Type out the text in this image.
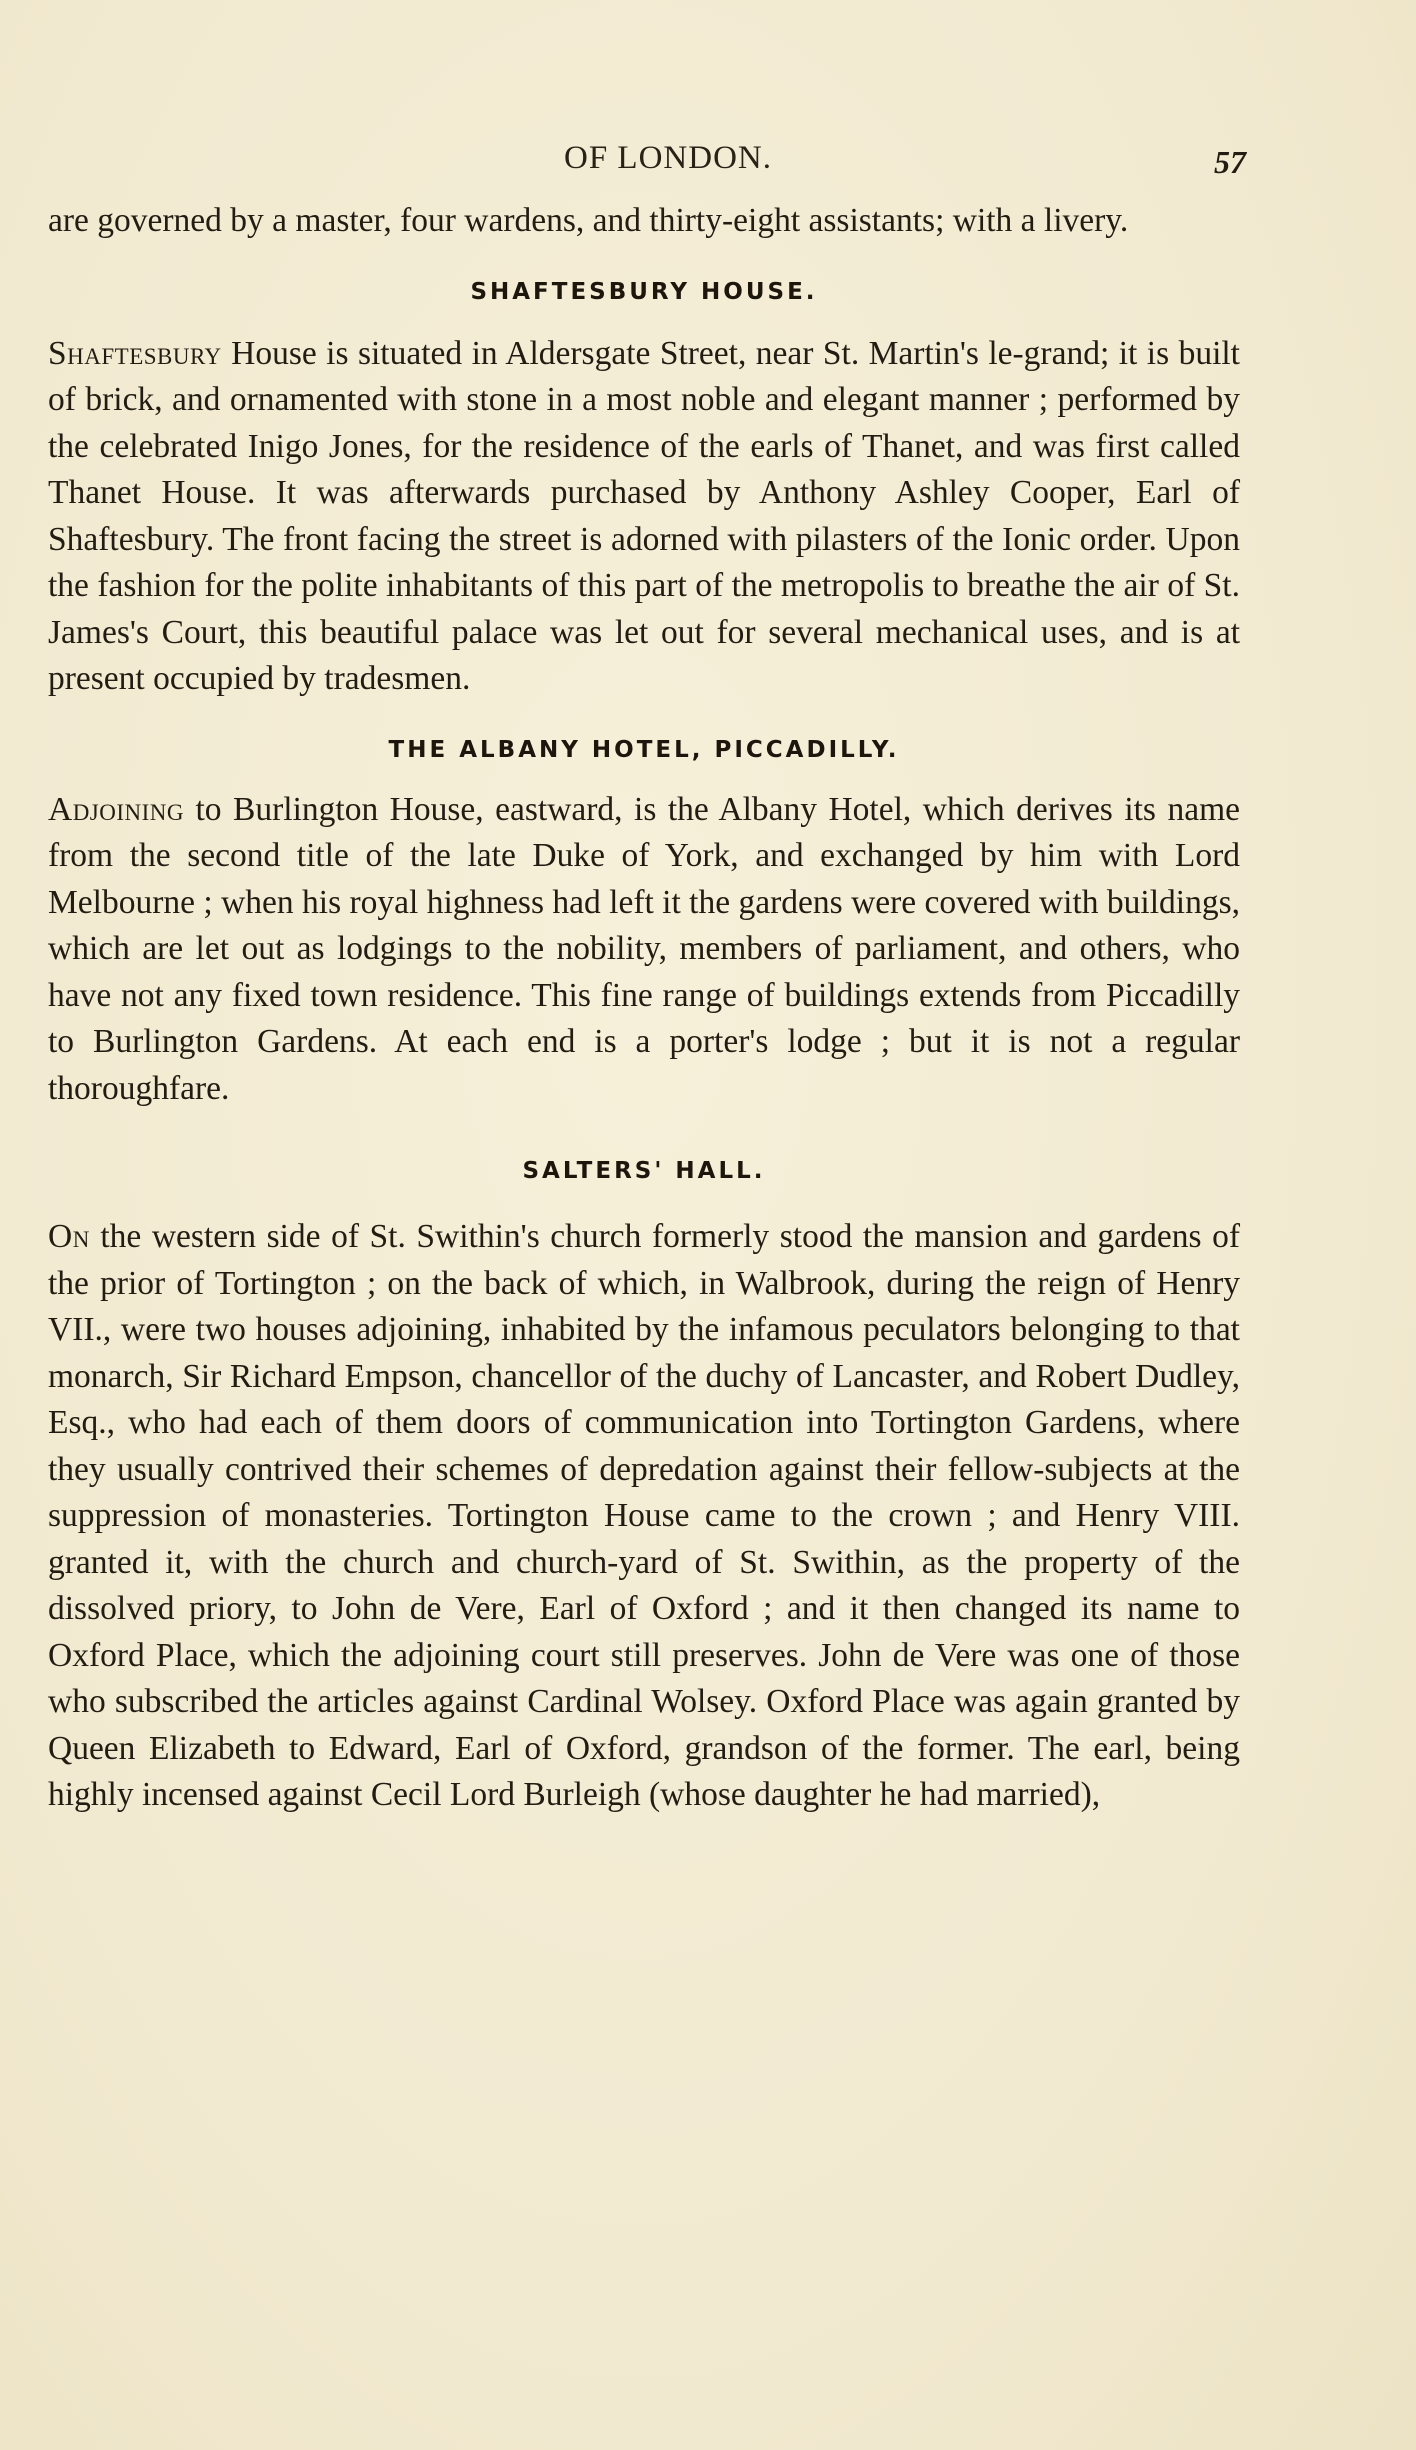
OF LONDON.	57

are governed by a master, four wardens, and thirty-eight assistants; with a livery.

SHAFTESBURY HOUSE.

Shaftesbury House is situated in Aldersgate Street, near St. Martin's le-grand; it is built of brick, and ornamented with stone in a most noble and elegant manner ; performed by the celebrated Inigo Jones, for the residence of the earls of Thanet, and was first called Thanet House. It was afterwards purchased by Anthony Ashley Cooper, Earl of Shaftesbury. The front facing the street is adorned with pilasters of the Ionic order. Upon the fashion for the polite inhabitants of this part of the metropolis to breathe the air of St. James's Court, this beautiful palace was let out for several mechanical uses, and is at present occupied by tradesmen.

THE ALBANY HOTEL, PICCADILLY.

Adjoining to Burlington House, eastward, is the Albany Hotel, which derives its name from the second title of the late Duke of York, and exchanged by him with Lord Melbourne ; when his royal highness had left it the gardens were covered with buildings, which are let out as lodgings to the nobility, members of parliament, and others, who have not any fixed town residence. This fine range of buildings extends from Piccadilly to Burlington Gardens. At each end is a porter's lodge ; but it is not a regular thoroughfare.

SALTERS' HALL.

On the western side of St. Swithin's church formerly stood the mansion and gardens of the prior of Tortington ; on the back of which, in Walbrook, during the reign of Henry VII., were two houses adjoining, inhabited by the infamous peculators belonging to that monarch, Sir Richard Empson, chancellor of the duchy of Lancaster, and Robert Dudley, Esq., who had each of them doors of communication into Tortington Gardens, where they usually contrived their schemes of depredation against their fellow-subjects at the suppression of monasteries. Tortington House came to the crown ; and Henry VIII. granted it, with the church and church-yard of St. Swithin, as the property of the dissolved priory, to John de Vere, Earl of Oxford ; and it then changed its name to Oxford Place, which the adjoining court still preserves. John de Vere was one of those who subscribed the articles against Cardinal Wolsey. Oxford Place was again granted by Queen Elizabeth to Edward, Earl of Oxford, grandson of the former. The earl, being highly incensed against Cecil Lord Burleigh (whose daughter he had married),
